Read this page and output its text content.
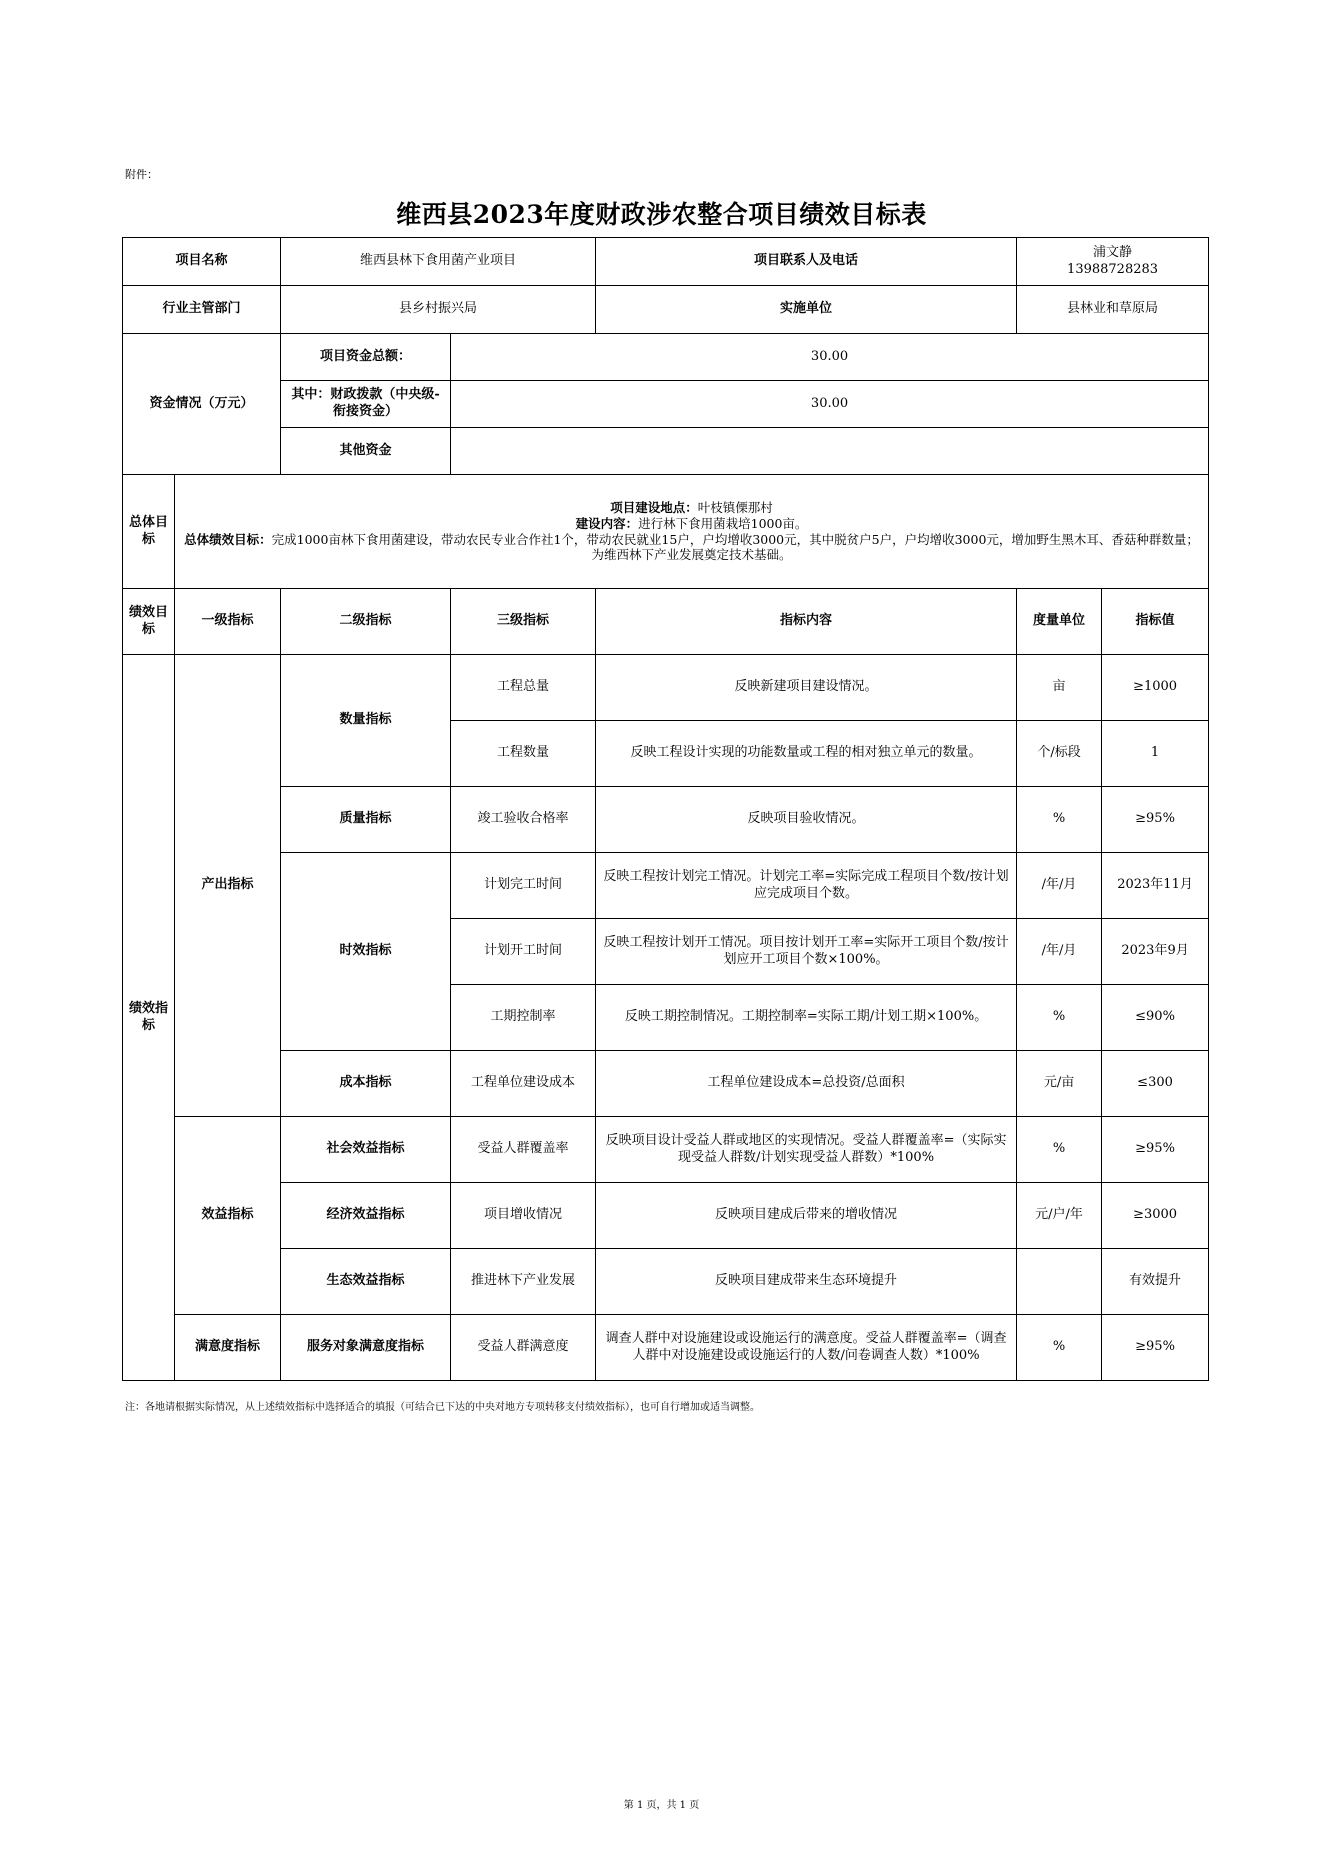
附件：
维西县2023年度财政涉农整合项目绩效目标表
项目名称		维西县林下食用菌产业项目		项目联系人及电话	浦文静
13988728283	

行业主管部门		县乡村振兴局		实施单位	县林业和草原局	
资金情况（万元）		项目资金总额：	30.00			
		其中：财政拨款（中央级-衔接资金）	30.00			
		其他资金				
总体目标	项目建设地点：叶枝镇傈那村
建设内容：进行林下食用菌栽培1000亩。
总体绩效目标：完成1000亩林下食用菌建设，带动农民专业合作社1个，带动农民就业15户，户均增收3000元，其中脱贫户5户，户均增收3000元，增加野生黑木耳、香菇种群数量；为维西林下产业发展奠定技术基础。					

绩效目标	一级指标	二级指标	三级指标	指标内容	度量单位	指标值
绩效指标	产出指标	数量指标	工程总量	反映新建项目建设情况。	亩	≥1000
			工程数量	反映工程设计实现的功能数量或工程的相对独立单元的数量。	个/标段	1
		质量指标	竣工验收合格率	反映项目验收情况。	%	≥95%
		时效指标	计划完工时间	反映工程按计划完工情况。计划完工率=实际完成工程项目个数/按计划应完成项目个数。	/年/月	2023年11月
			计划开工时间	反映工程按计划开工情况。项目按计划开工率=实际开工项目个数/按计划应开工项目个数×100%。	/年/月	2023年9月
			工期控制率	反映工期控制情况。工期控制率=实际工期/计划工期×100%。	%	≤90%
		成本指标	工程单位建设成本	工程单位建设成本=总投资/总面积	元/亩	≤300
	效益指标	社会效益指标	受益人群覆盖率	反映项目设计受益人群或地区的实现情况。受益人群覆盖率=（实际实现受益人群数/计划实现受益人群数）*100%	%	≥95%
		经济效益指标	项目增收情况	反映项目建成后带来的增收情况	元/户/年	≥3000
		生态效益指标	推进林下产业发展	反映项目建成带来生态环境提升		有效提升
	满意度指标	服务对象满意度指标	受益人群满意度	调查人群中对设施建设或设施运行的满意度。受益人群覆盖率=（调查人群中对设施建设或设施运行的人数/问卷调查人数）*100%	%	≥95%
注：各地请根据实际情况，从上述绩效指标中选择适合的填报（可结合已下达的中央对地方专项转移支付绩效指标），也可自行增加或适当调整。
第 1 页，共 1 页
